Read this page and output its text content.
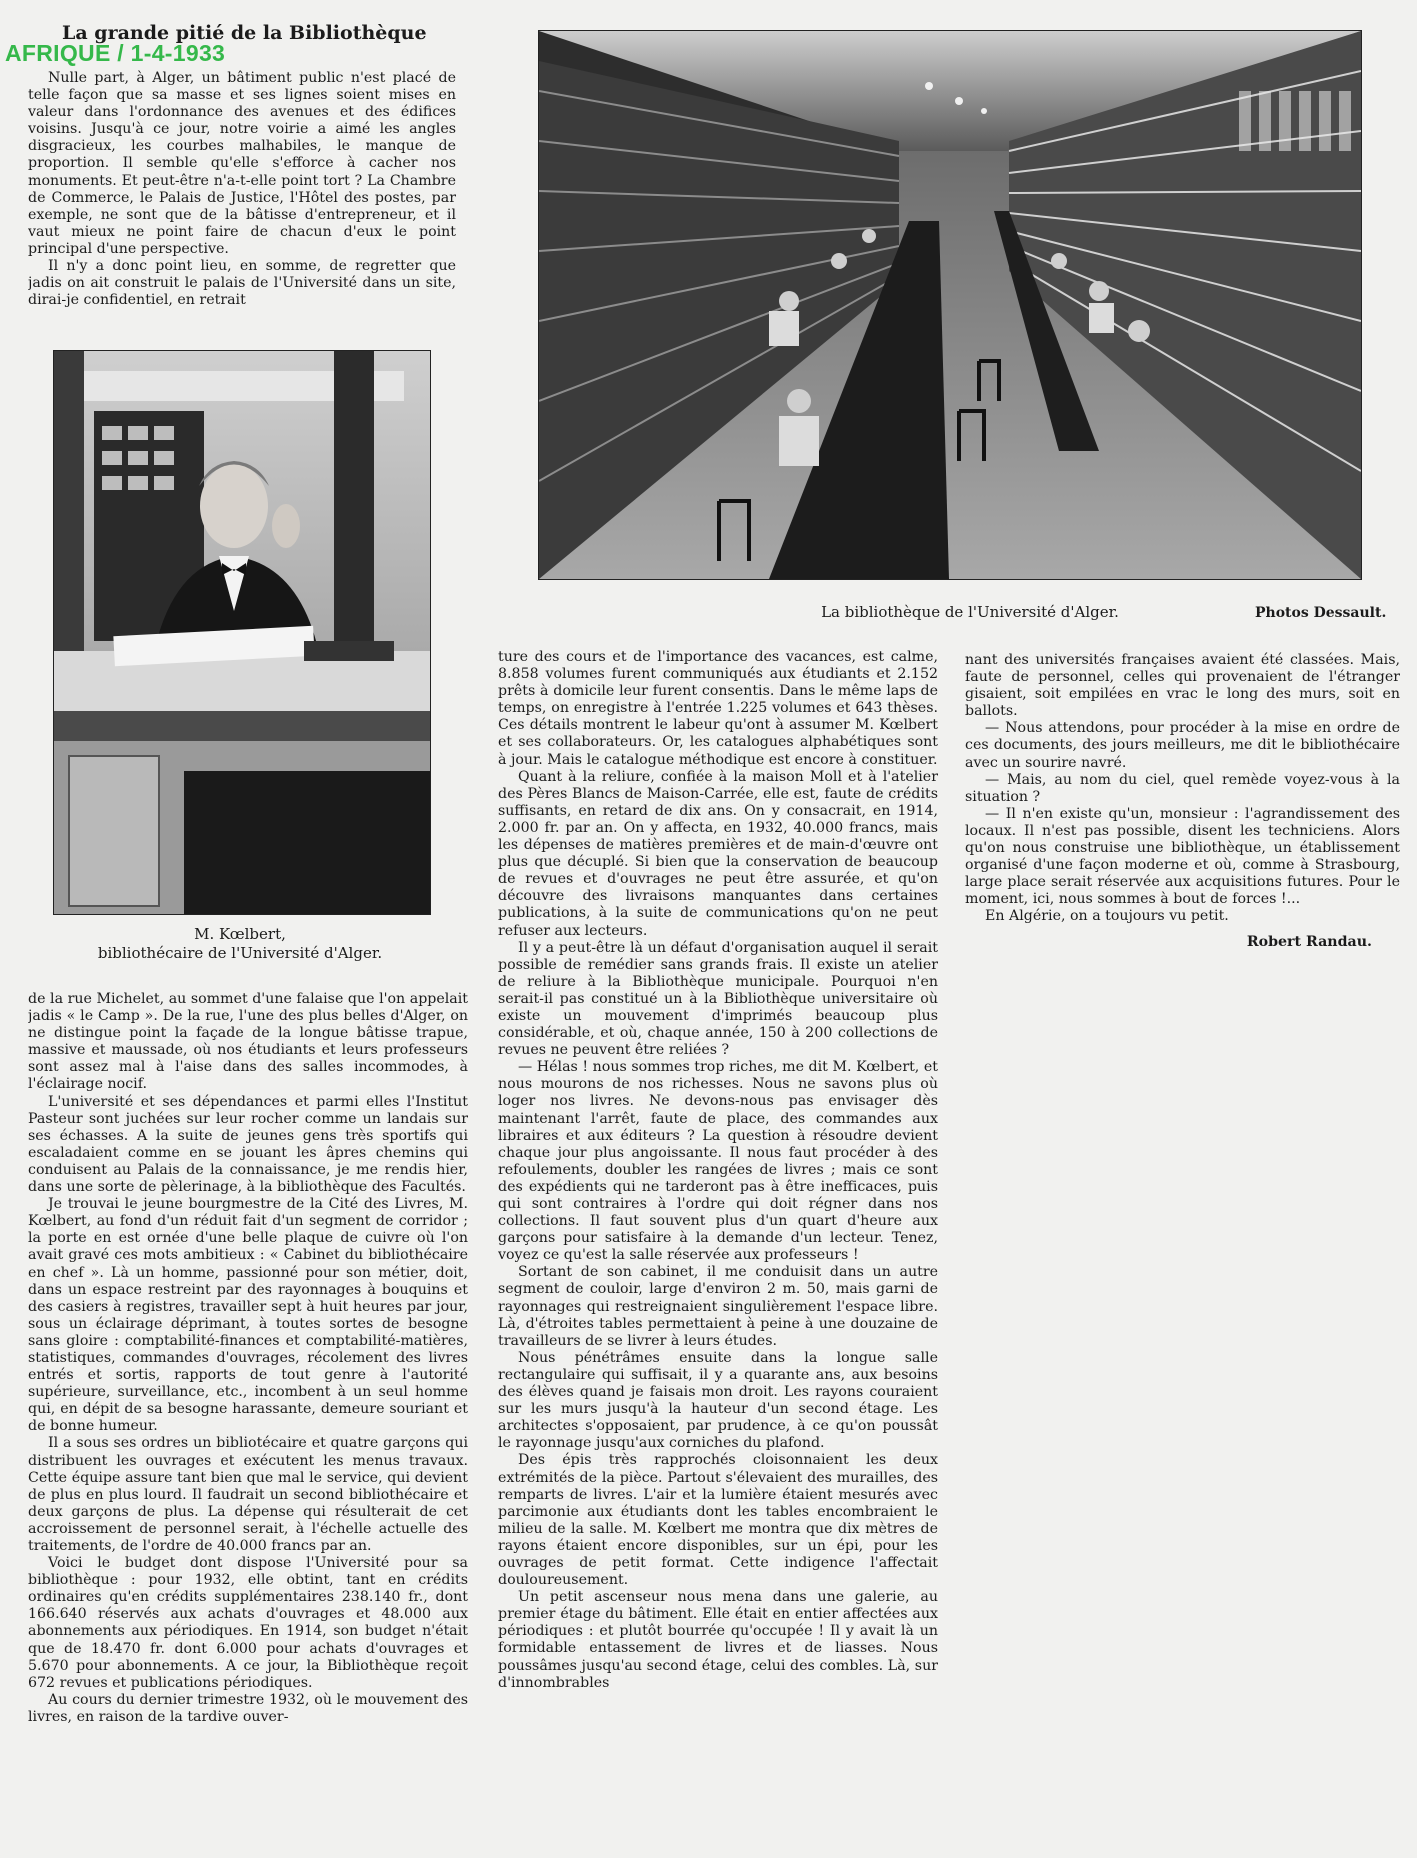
La grande pitié de la Bibliothèque
AFRIQUE / 1-4-1933

Nulle part, à Alger, un bâtiment public n'est placé de telle façon que sa masse et ses lignes soient mises en valeur dans l'ordonnance des avenues et des édifices voisins. Jusqu'à ce jour, notre voirie a aimé les angles disgracieux, les courbes malhabiles, le manque de proportion. Il semble qu'elle s'efforce à cacher nos monuments. Et peut-être n'a-t-elle point tort ? La Chambre de Commerce, le Palais de Justice, l'Hôtel des postes, par exemple, ne sont que de la bâtisse d'entrepreneur, et il vaut mieux ne point faire de chacun d'eux le point principal d'une perspective.

Il n'y a donc point lieu, en somme, de regretter que jadis on ait construit le palais de l'Université dans un site, dirai-je confidentiel, en retrait

M. Kœlbert,
bibliothécaire de l'Université d'Alger.
La bibliothèque de l'Université d'Alger.	Photos Dessault.

de la rue Michelet, au sommet d'une falaise que l'on appelait jadis « le Camp ». De la rue, l'une des plus belles d'Alger, on ne distingue point la façade de la longue bâtisse trapue, massive et maussade, où nos étudiants et leurs professeurs sont assez mal à l'aise dans des salles incommodes, à l'éclairage nocif.

L'université et ses dépendances et parmi elles l'Institut Pasteur sont juchées sur leur rocher comme un landais sur ses échasses. A la suite de jeunes gens très sportifs qui escaladaient comme en se jouant les âpres chemins qui conduisent au Palais de la connaissance, je me rendis hier, dans une sorte de pèlerinage, à la bibliothèque des Facultés.

Je trouvai le jeune bourgmestre de la Cité des Livres, M. Kœlbert, au fond d'un réduit fait d'un segment de corridor ; la porte en est ornée d'une belle plaque de cuivre où l'on avait gravé ces mots ambitieux : « Cabinet du bibliothécaire en chef ». Là un homme, passionné pour son métier, doit, dans un espace restreint par des rayonnages à bouquins et des casiers à registres, travailler sept à huit heures par jour, sous un éclairage déprimant, à toutes sortes de besogne sans gloire : comptabilité-finances et comptabilité-matières, statistiques, commandes d'ouvrages, récolement des livres entrés et sortis, rapports de tout genre à l'autorité supérieure, surveillance, etc., incombent à un seul homme qui, en dépit de sa besogne harassante, demeure souriant et de bonne humeur.

Il a sous ses ordres un bibliotécaire et quatre garçons qui distribuent les ouvrages et exécutent les menus travaux. Cette équipe assure tant bien que mal le service, qui devient de plus en plus lourd. Il faudrait un second bibliothécaire et deux garçons de plus. La dépense qui résulterait de cet accroissement de personnel serait, à l'échelle actuelle des traitements, de l'ordre de 40.000 francs par an.

Voici le budget dont dispose l'Université pour sa bibliothèque : pour 1932, elle obtint, tant en crédits ordinaires qu'en crédits supplémentaires 238.140 fr., dont 166.640 réservés aux achats d'ouvrages et 48.000 aux abonnements aux périodiques. En 1914, son budget n'était que de 18.470 fr. dont 6.000 pour achats d'ouvrages et 5.670 pour abonnements. A ce jour, la Bibliothèque reçoit 672 revues et publications périodiques.

Au cours du dernier trimestre 1932, où le mouvement des livres, en raison de la tardive ouver-

ture des cours et de l'importance des vacances, est calme, 8.858 volumes furent communiqués aux étudiants et 2.152 prêts à domicile leur furent consentis. Dans le même laps de temps, on enregistre à l'entrée 1.225 volumes et 643 thèses. Ces détails montrent le labeur qu'ont à assumer M. Kœlbert et ses collaborateurs. Or, les catalogues alphabétiques sont à jour. Mais le catalogue méthodique est encore à constituer.

Quant à la reliure, confiée à la maison Moll et à l'atelier des Pères Blancs de Maison-Carrée, elle est, faute de crédits suffisants, en retard de dix ans. On y consacrait, en 1914, 2.000 fr. par an. On y affecta, en 1932, 40.000 francs, mais les dépenses de matières premières et de main-d'œuvre ont plus que décuplé. Si bien que la conservation de beaucoup de revues et d'ouvrages ne peut être assurée, et qu'on découvre des livraisons manquantes dans certaines publications, à la suite de communications qu'on ne peut refuser aux lecteurs.

Il y a peut-être là un défaut d'organisation auquel il serait possible de remédier sans grands frais. Il existe un atelier de reliure à la Bibliothèque municipale. Pourquoi n'en serait-il pas constitué un à la Bibliothèque universitaire où existe un mouvement d'imprimés beaucoup plus considérable, et où, chaque année, 150 à 200 collections de revues ne peuvent être reliées ?

— Hélas ! nous sommes trop riches, me dit M. Kœlbert, et nous mourons de nos richesses. Nous ne savons plus où loger nos livres. Ne devons-nous pas envisager dès maintenant l'arrêt, faute de place, des commandes aux libraires et aux éditeurs ? La question à résoudre devient chaque jour plus angoissante. Il nous faut procéder à des refoulements, doubler les rangées de livres ; mais ce sont des expédients qui ne tarderont pas à être inefficaces, puis qui sont contraires à l'ordre qui doit régner dans nos collections. Il faut souvent plus d'un quart d'heure aux garçons pour satisfaire à la demande d'un lecteur. Tenez, voyez ce qu'est la salle réservée aux professeurs !

Sortant de son cabinet, il me conduisit dans un autre segment de couloir, large d'environ 2 m. 50, mais garni de rayonnages qui restreignaient singulièrement l'espace libre. Là, d'étroites tables permettaient à peine à une douzaine de travailleurs de se livrer à leurs études.

Nous pénétrâmes ensuite dans la longue salle rectangulaire qui suffisait, il y a quarante ans, aux besoins des élèves quand je faisais mon droit. Les rayons couraient sur les murs jusqu'à la hauteur d'un second étage. Les architectes s'opposaient, par prudence, à ce qu'on poussât le rayonnage jusqu'aux corniches du plafond.

Des épis très rapprochés cloisonnaient les deux extrémités de la pièce. Partout s'élevaient des murailles, des remparts de livres. L'air et la lumière étaient mesurés avec parcimonie aux étudiants dont les tables encombraient le milieu de la salle. M. Kœlbert me montra que dix mètres de rayons étaient encore disponibles, sur un épi, pour les ouvrages de petit format. Cette indigence l'affectait douloureusement.

Un petit ascenseur nous mena dans une galerie, au premier étage du bâtiment. Elle était en entier affectées aux périodiques : et plutôt bourrée qu'occupée ! Il y avait là un formidable entassement de livres et de liasses. Nous poussâmes jusqu'au second étage, celui des combles. Là, sur d'innombrables

nant des universités françaises avaient été classées. Mais, faute de personnel, celles qui provenaient de l'étranger gisaient, soit empilées en vrac le long des murs, soit en ballots.

— Nous attendons, pour procéder à la mise en ordre de ces documents, des jours meilleurs, me dit le bibliothécaire avec un sourire navré.

— Mais, au nom du ciel, quel remède voyez-vous à la situation ?

— Il n'en existe qu'un, monsieur : l'agrandissement des locaux. Il n'est pas possible, disent les techniciens. Alors qu'on nous construise une bibliothèque, un établissement organisé d'une façon moderne et où, comme à Strasbourg, large place serait réservée aux acquisitions futures. Pour le moment, ici, nous sommes à bout de forces !...

En Algérie, on a toujours vu petit.

Robert Randau.
